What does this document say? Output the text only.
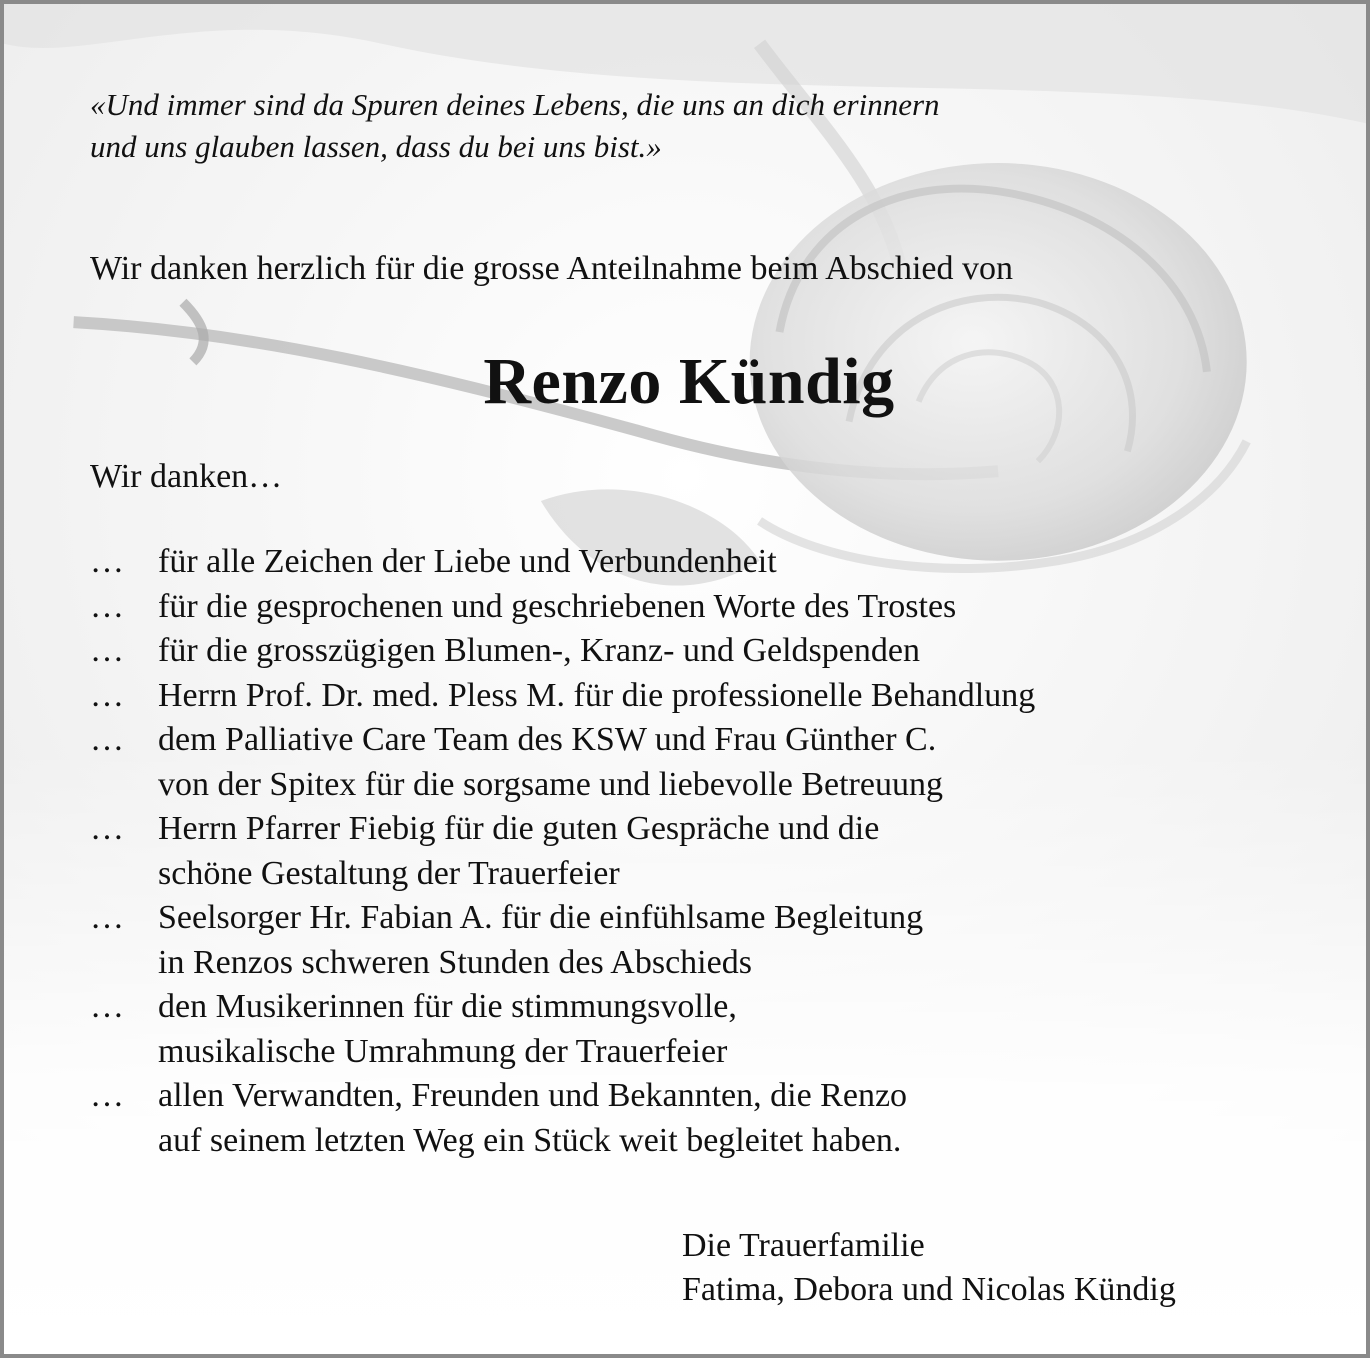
«Und immer sind da Spuren deines Lebens, die uns an dich erinnern
und uns glauben lassen, dass du bei uns bist.»

Wir danken herzlich für die grosse Anteilnahme beim Abschied von

Renzo Kündig

Wir danken…

…	für alle Zeichen der Liebe und Verbundenheit
…	für die gesprochenen und geschriebenen Worte des Trostes
…	für die grosszügigen Blumen-, Kranz- und Geldspenden
…	Herrn Prof. Dr. med. Pless M. für die professionelle Behandlung
…	dem Palliative Care Team des KSW und Frau Günther C.
von der Spitex für die sorgsame und liebevolle Betreuung
…	Herrn Pfarrer Fiebig für die guten Gespräche und die
schöne Gestaltung der Trauerfeier
…	Seelsorger Hr. Fabian A. für die einfühlsame Begleitung
in Renzos schweren Stunden des Abschieds
…	den Musikerinnen für die stimmungsvolle,
musikalische Umrahmung der Trauerfeier
…	allen Verwandten, Freunden und Bekannten, die Renzo
auf seinem letzten Weg ein Stück weit begleitet haben.
Die Trauerfamilie
Fatima, Debora und Nicolas Kündig
